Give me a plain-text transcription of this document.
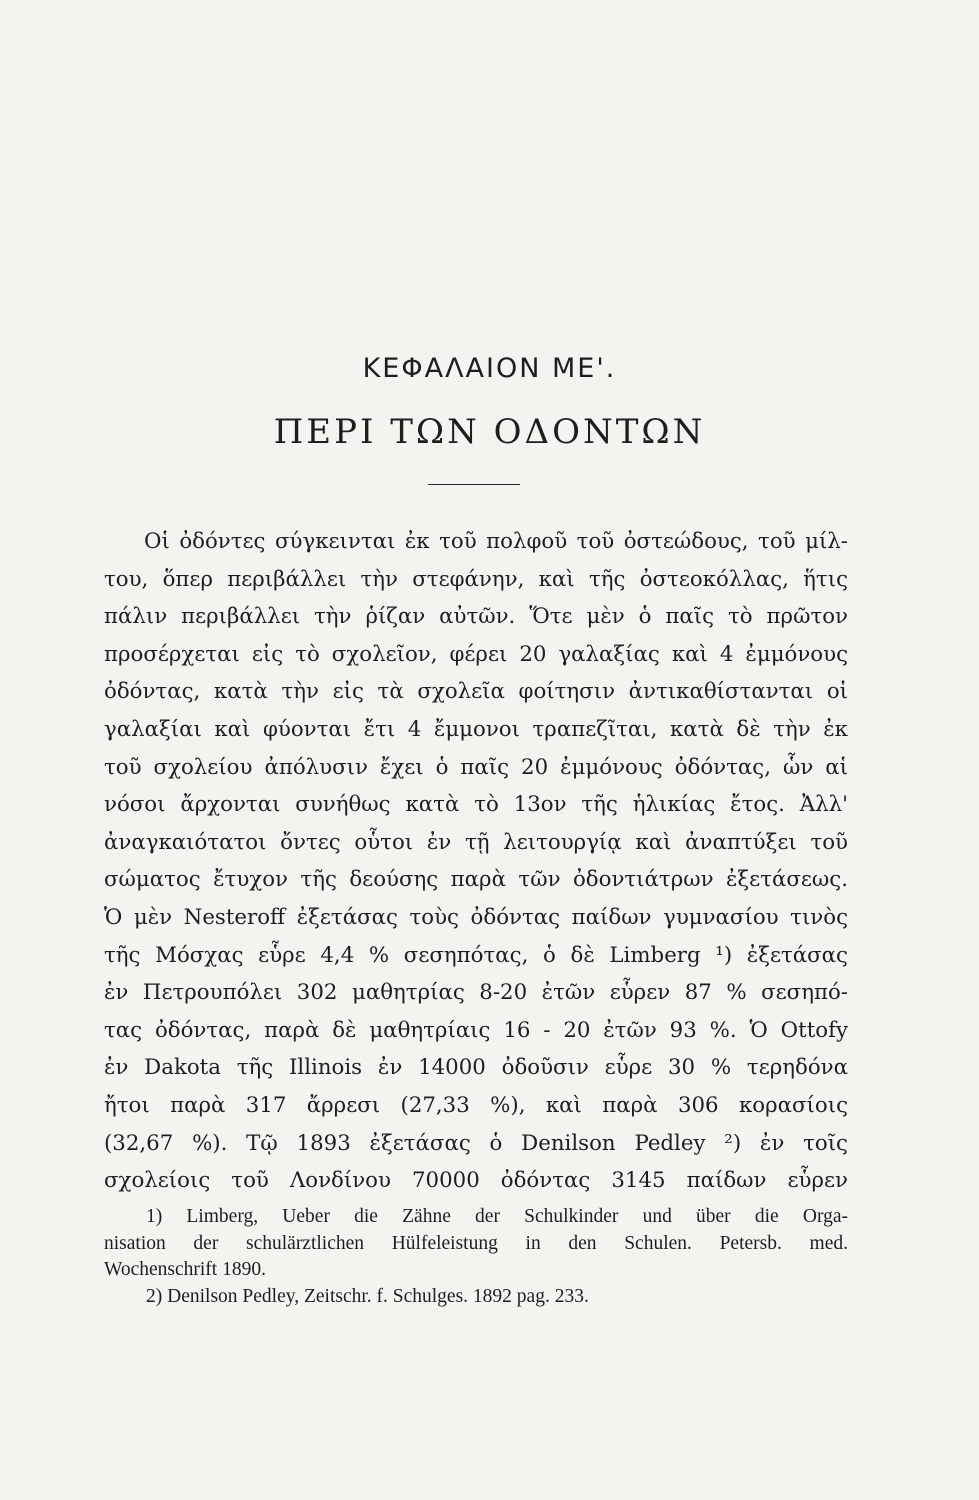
ΚΕΦΑΛΑΙΟΝ ΜΕ'.
ΠΕΡΙ ΤΩΝ ΟΔΟΝΤΩΝ
Οἱ ὀδόντες σύγκεινται ἐκ τοῦ πολφοῦ τοῦ ὀστεώδους, τοῦ μίλ-
του, ὅπερ περιβάλλει τὴν στεφάνην, καὶ τῆς ὀστεοκόλλας, ἥτις
πάλιν περιβάλλει τὴν ῥίζαν αὐτῶν. Ὅτε μὲν ὁ παῖς τὸ πρῶτον
προσέρχεται εἰς τὸ σχολεῖον, φέρει 20 γαλαξίας καὶ 4 ἐμμόνους
ὀδόντας, κατὰ τὴν εἰς τὰ σχολεῖα φοίτησιν ἀντικαθίστανται οἱ
γαλαξίαι καὶ φύονται ἔτι 4 ἔμμονοι τραπεζῖται, κατὰ δὲ τὴν ἐκ
τοῦ σχολείου ἀπόλυσιν ἔχει ὁ παῖς 20 ἐμμόνους ὀδόντας, ὧν αἱ
νόσοι ἄρχονται συνήθως κατὰ τὸ 13ον τῆς ἡλικίας ἔτος. Ἀλλ'
ἀναγκαιότατοι ὄντες οὗτοι ἐν τῇ λειτουργίᾳ καὶ ἀναπτύξει τοῦ
σώματος ἔτυχον τῆς δεούσης παρὰ τῶν ὀδοντιάτρων ἐξετάσεως.
Ὁ μὲν Nesteroff ἐξετάσας τοὺς ὀδόντας παίδων γυμνασίου τινὸς
τῆς Μόσχας εὗρε 4,4 % σεσηπότας, ὁ δὲ Limberg ¹) ἐξετάσας
ἐν Πετρουπόλει 302 μαθητρίας 8-20 ἐτῶν εὗρεν 87 % σεσηπό-
τας ὀδόντας, παρὰ δὲ μαθητρίαις 16 - 20 ἐτῶν 93 %. Ὁ Ottofy
ἐν Dakota τῆς Illinois ἐν 14000 ὀδοῦσιν εὗρε 30 % τερηδόνα
ἤτοι παρὰ 317 ἄρρεσι (27,33 %), καὶ παρὰ 306 κορασίοις
(32,67 %). Τῷ 1893 ἐξετάσας ὁ Denilson Pedley ²) ἐν τοῖς
σχολείοις τοῦ Λονδίνου 70000 ὀδόντας 3145 παίδων εὗρεν
1) Limberg, Ueber die Zähne der Schulkinder und über die Orga-
nisation der schulärztlichen Hülfeleistung in den Schulen. Petersb. med.
Wochenschrift 1890.
2) Denilson Pedley, Zeitschr. f. Schulges. 1892 pag. 233.
